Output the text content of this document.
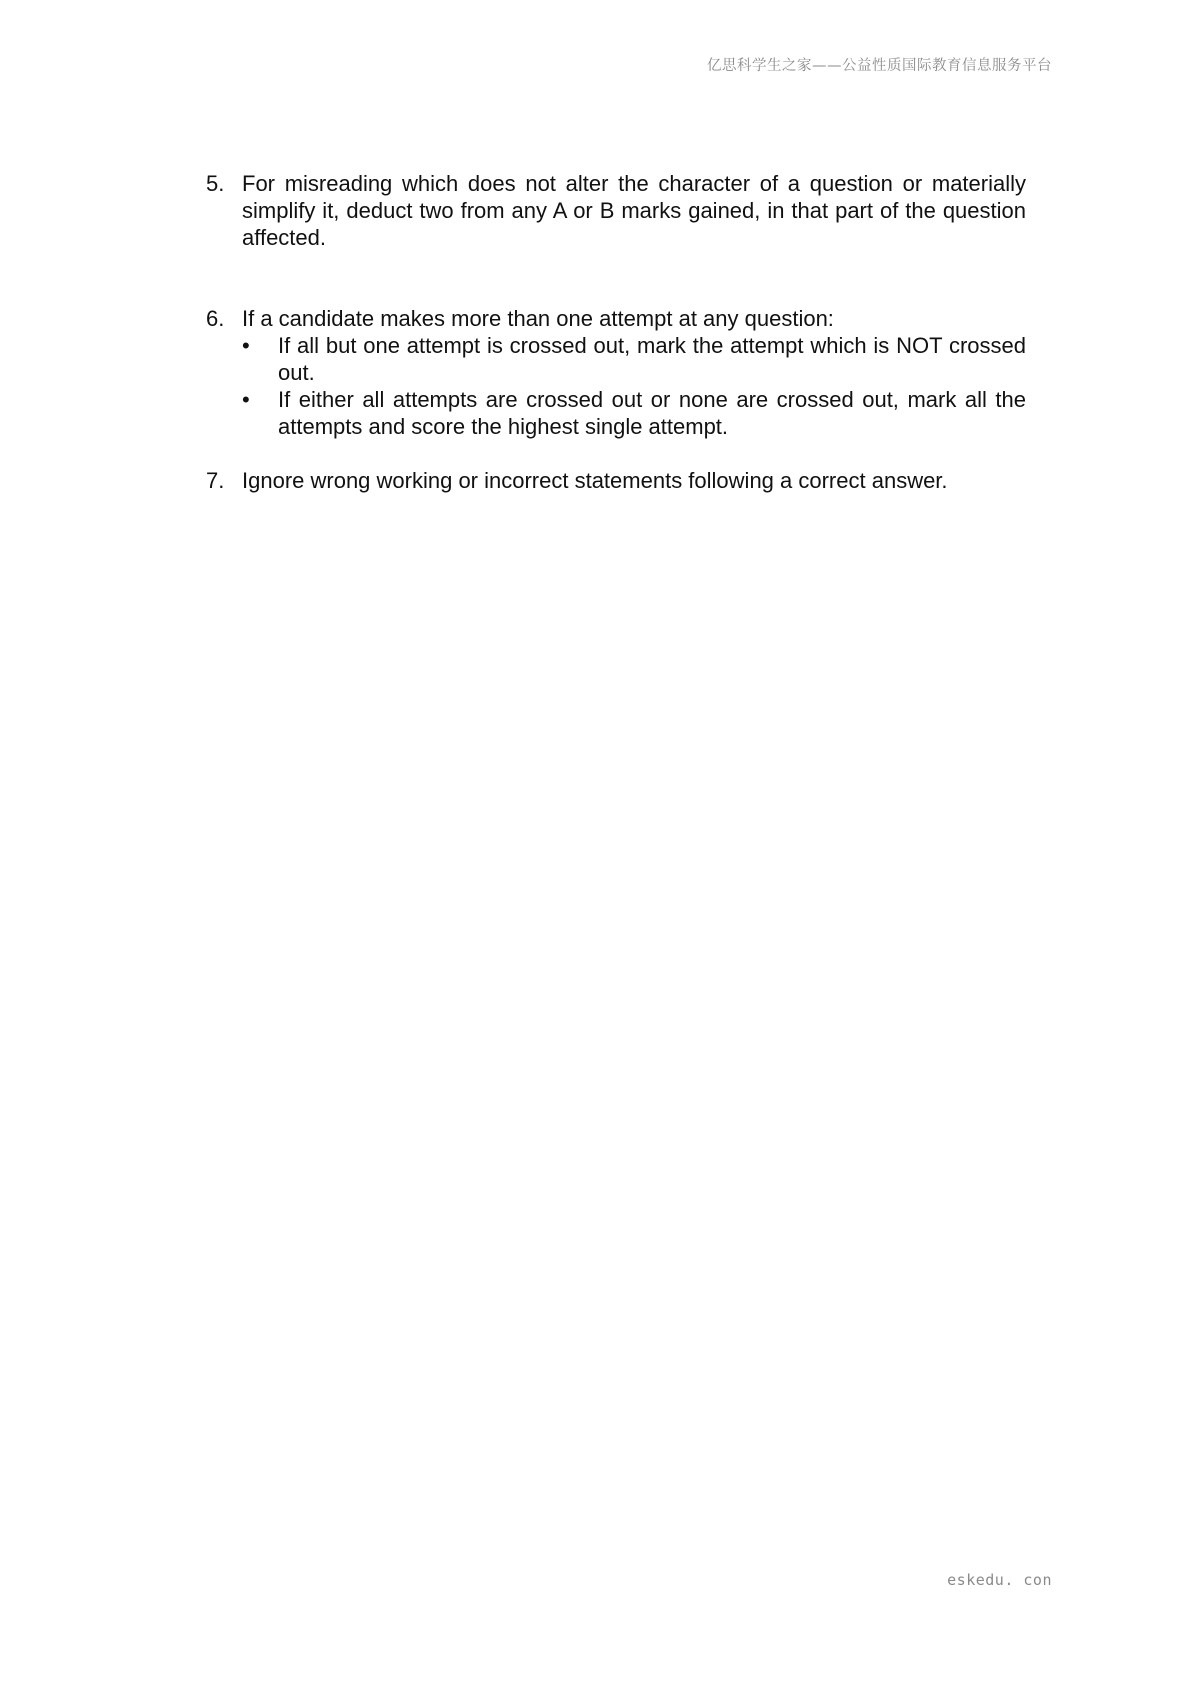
亿思科学生之家——公益性质国际教育信息服务平台
5. For misreading which does not alter the character of a question or materially simplify it, deduct two from any A or B marks gained, in that part of the question affected.
6. If a candidate makes more than one attempt at any question:
•	If all but one attempt is crossed out, mark the attempt which is NOT crossed out.
•	If either all attempts are crossed out or none are crossed out, mark all the attempts and score the highest single attempt.
7. Ignore wrong working or incorrect statements following a correct answer.
eskedu. con
